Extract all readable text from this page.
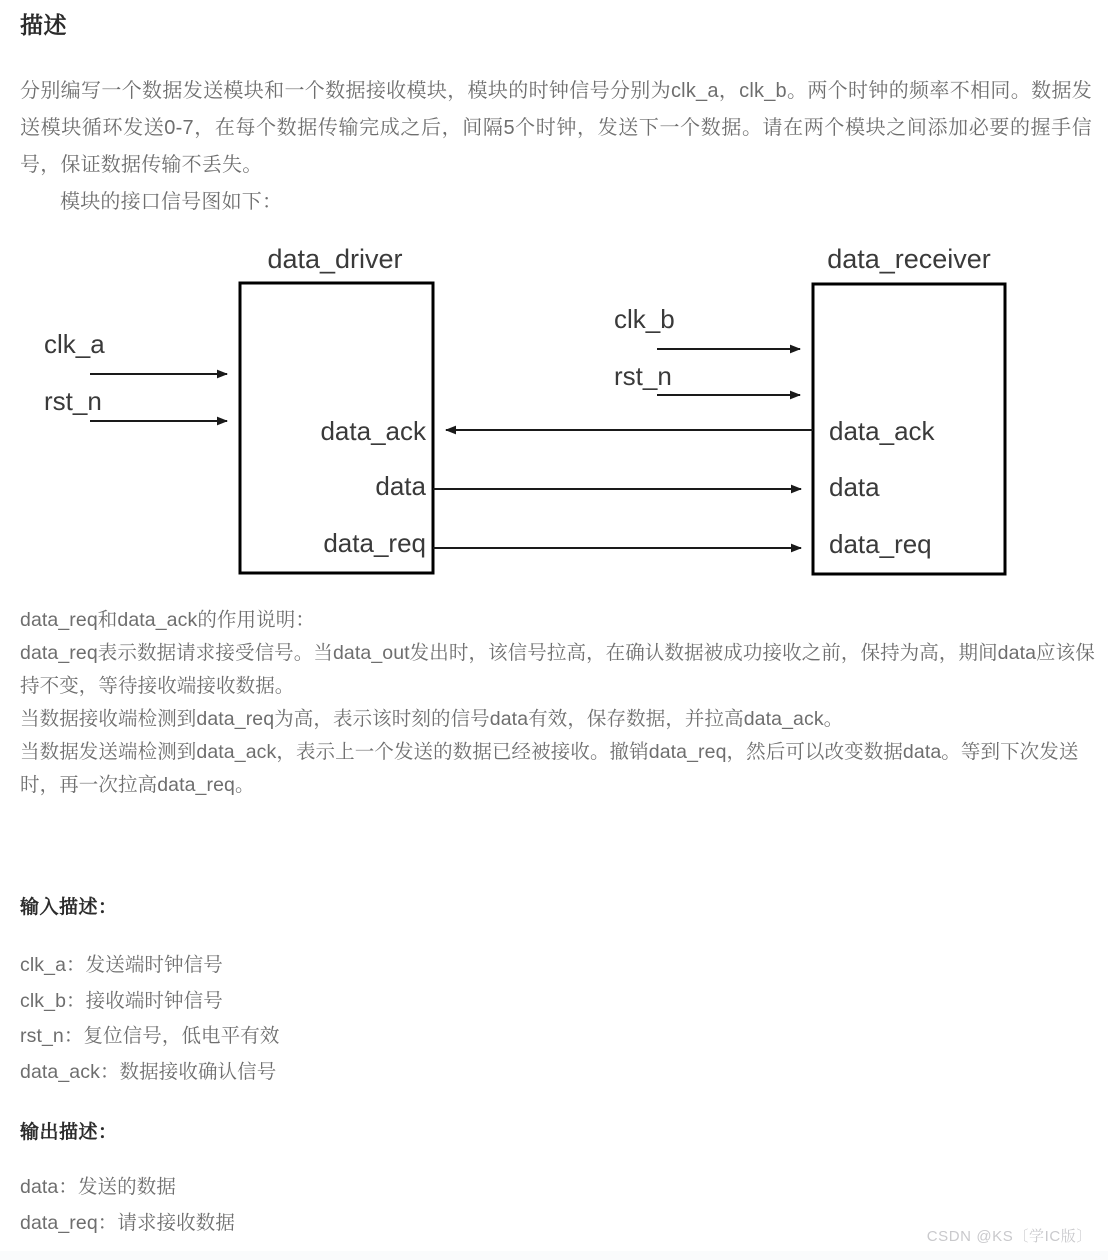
描述
分别编写一个数据发送模块和一个数据接收模块，模块的时钟信号分别为clk_a，clk_b。两个时钟的频率不相同。数据发送模块循环发送0-7，在每个数据传输完成之后，间隔5个时钟，发送下一个数据。请在两个模块之间添加必要的握手信号，保证数据传输不丢失。
模块的接口信号图如下：
data_driver	data_receiver
clk_a
rst_n
clk_b
rst_n
data_ack
data
data_req
data_ack
data
data_req
data_req和data_ack的作用说明：
data_req表示数据请求接受信号。当data_out发出时，该信号拉高，在确认数据被成功接收之前，保持为高，期间data应该保持不变，等待接收端接收数据。
当数据接收端检测到data_req为高，表示该时刻的信号data有效，保存数据，并拉高data_ack。
当数据发送端检测到data_ack，表示上一个发送的数据已经被接收。撤销data_req，然后可以改变数据data。等到下次发送时，再一次拉高data_req。
输入描述：
clk_a：发送端时钟信号
clk_b：接收端时钟信号
rst_n：复位信号，低电平有效
data_ack：数据接收确认信号
输出描述：
data：发送的数据
data_req：请求接收数据
CSDN @KS〔学IC版〕
